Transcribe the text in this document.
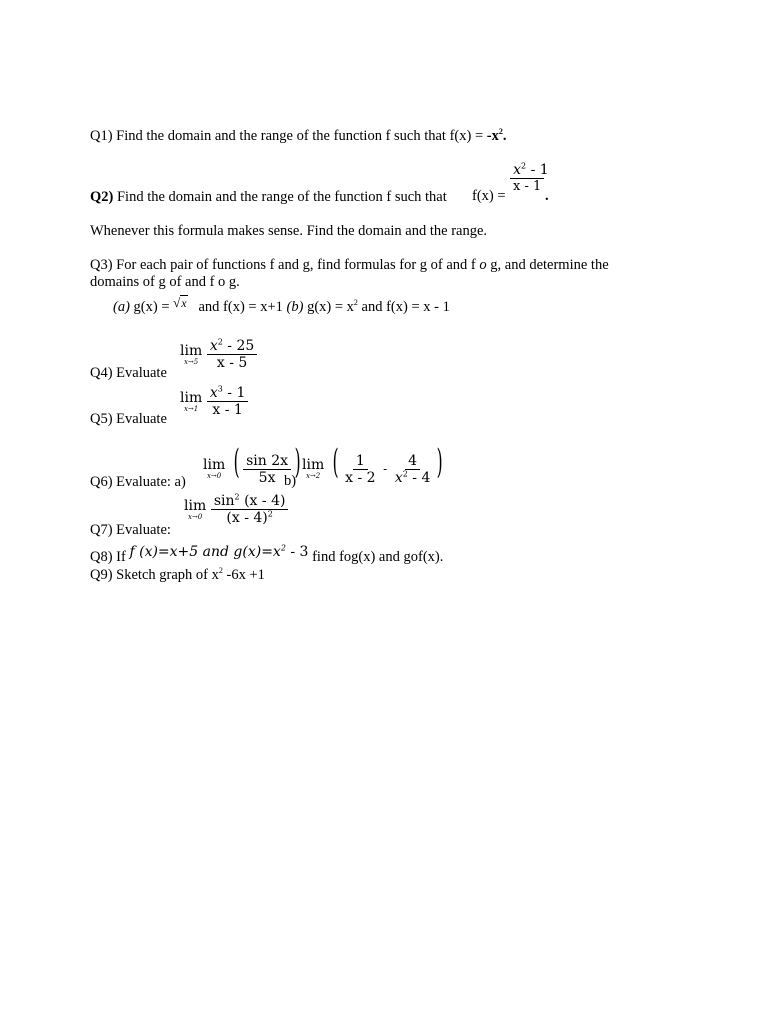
Q1) Find the domain and the range of the function f such that $f(x) = -x^2$.
Q2) Find the domain and the range of the function f such that f(x) =
$\frac{x^2 - 1}{x - 1}$
.
Whenever this formula makes sense. Find the domain and the range.
Q3) For each pair of functions f and g, find formulas for g of and f o g, and determine the
domains of g of and f o g.
(a) g(x) = √x and f(x) = x+1 (b) $g(x) = x^2$ and f(x) = x - 1
Q4) Evaluate
lim
x→5
$\frac{x^2 - 25}{x - 5}$
Q5) Evaluate
lim
x→1
$\frac{x^3 - 1}{x - 1}$
Q6) Evaluate: a)
lim
x→0 ( $\frac{\sin 2x}{5x}$ )
b)
lim
x→2 ( $\frac{1}{x - 2} - \frac{4}{x^2 - 4}$ )
Q7) Evaluate:
lim
x→0
$\frac{\sin^2 (x - 4)}{(x - 4)^2}$
Q8) If f (x)=x+5 and $g(x)=x^2 - 3$ find fog(x) and gof(x).
Q9) Sketch graph of $x^2$ -6x +1
